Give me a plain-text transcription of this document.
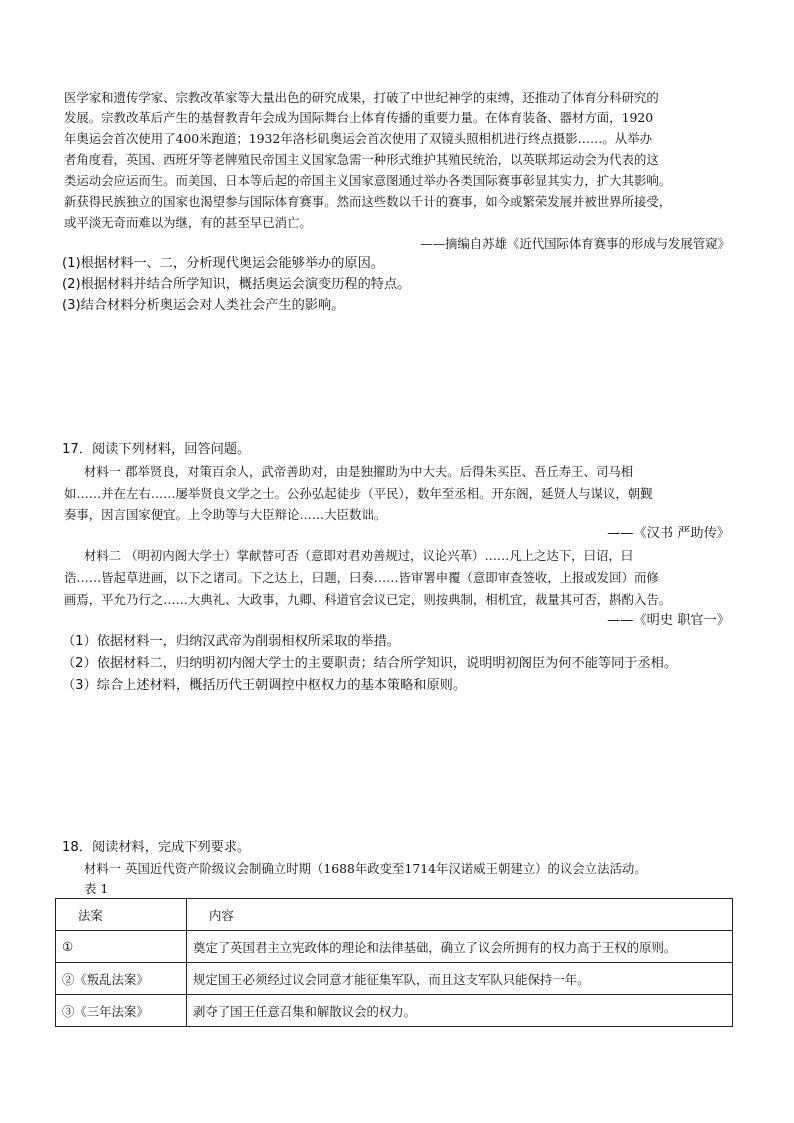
医学家和遗传学家、宗教改革家等大量出色的研究成果，打破了中世纪神学的束缚，还推动了体育分科研究的
发展。宗教改革后产生的基督教青年会成为国际舞台上体育传播的重要力量。在体育装备、器材方面，1920
年奥运会首次使用了400米跑道；1932年洛杉矶奥运会首次使用了双镜头照相机进行终点摄影……。从举办
者角度看，英国、西班牙等老牌殖民帝国主义国家急需一种形式维护其殖民统治，以英联邦运动会为代表的这
类运动会应运而生。而美国、日本等后起的帝国主义国家意图通过举办各类国际赛事彰显其实力，扩大其影响。
新获得民族独立的国家也渴望参与国际体育赛事。然而这些数以千计的赛事，如今或繁荣发展并被世界所接受，
或平淡无奇而难以为继，有的甚至早已消亡。
——摘编自苏雄《近代国际体育赛事的形成与发展管窥》
(1)根据材料一、二，分析现代奥运会能够举办的原因。
(2)根据材料并结合所学知识，概括奥运会演变历程的特点。
(3)结合材料分析奥运会对人类社会产生的影响。
17．阅读下列材料，回答问题。
材料一 郡举贤良，对策百余人，武帝善助对，由是独擢助为中大夫。后得朱买臣、吾丘寿王、司马相
如……并在左右……屡举贤良文学之士。公孙弘起徒步（平民），数年至丞相。开东阁，延贤人与谋议，朝觐
奏事，因言国家便宜。上令助等与大臣辩论……大臣数诎。
——《汉书 严助传》
材料二 （明初内阁大学士）掌献替可否（意即对君劝善规过，议论兴革）……凡上之达下，曰诏，曰
诰……皆起草进画，以下之诸司。下之达上，曰题，曰奏……皆审署申覆（意即审查签收，上报或发回）而修
画焉，平允乃行之……大典礼、大政事，九卿、科道官会议已定，则按典制，相机宜，裁量其可否，斟酌入告。
——《明史 职官一》
（1）依据材料一，归纳汉武帝为削弱相权所采取的举措。
（2）依据材料二，归纳明初内阁大学士的主要职责；结合所学知识，说明明初阁臣为何不能等同于丞相。
（3）综合上述材料，概括历代王朝调控中枢权力的基本策略和原则。
18．阅读材料，完成下列要求。
材料一 英国近代资产阶级议会制确立时期（1688年政变至1714年汉诺威王朝建立）的议会立法活动。
表 1
法案	内容
①	奠定了英国君主立宪政体的理论和法律基础，确立了议会所拥有的权力高于王权的原则。
②《叛乱法案》	规定国王必须经过议会同意才能征集军队，而且这支军队只能保持一年。
③《三年法案》	剥夺了国王任意召集和解散议会的权力。
